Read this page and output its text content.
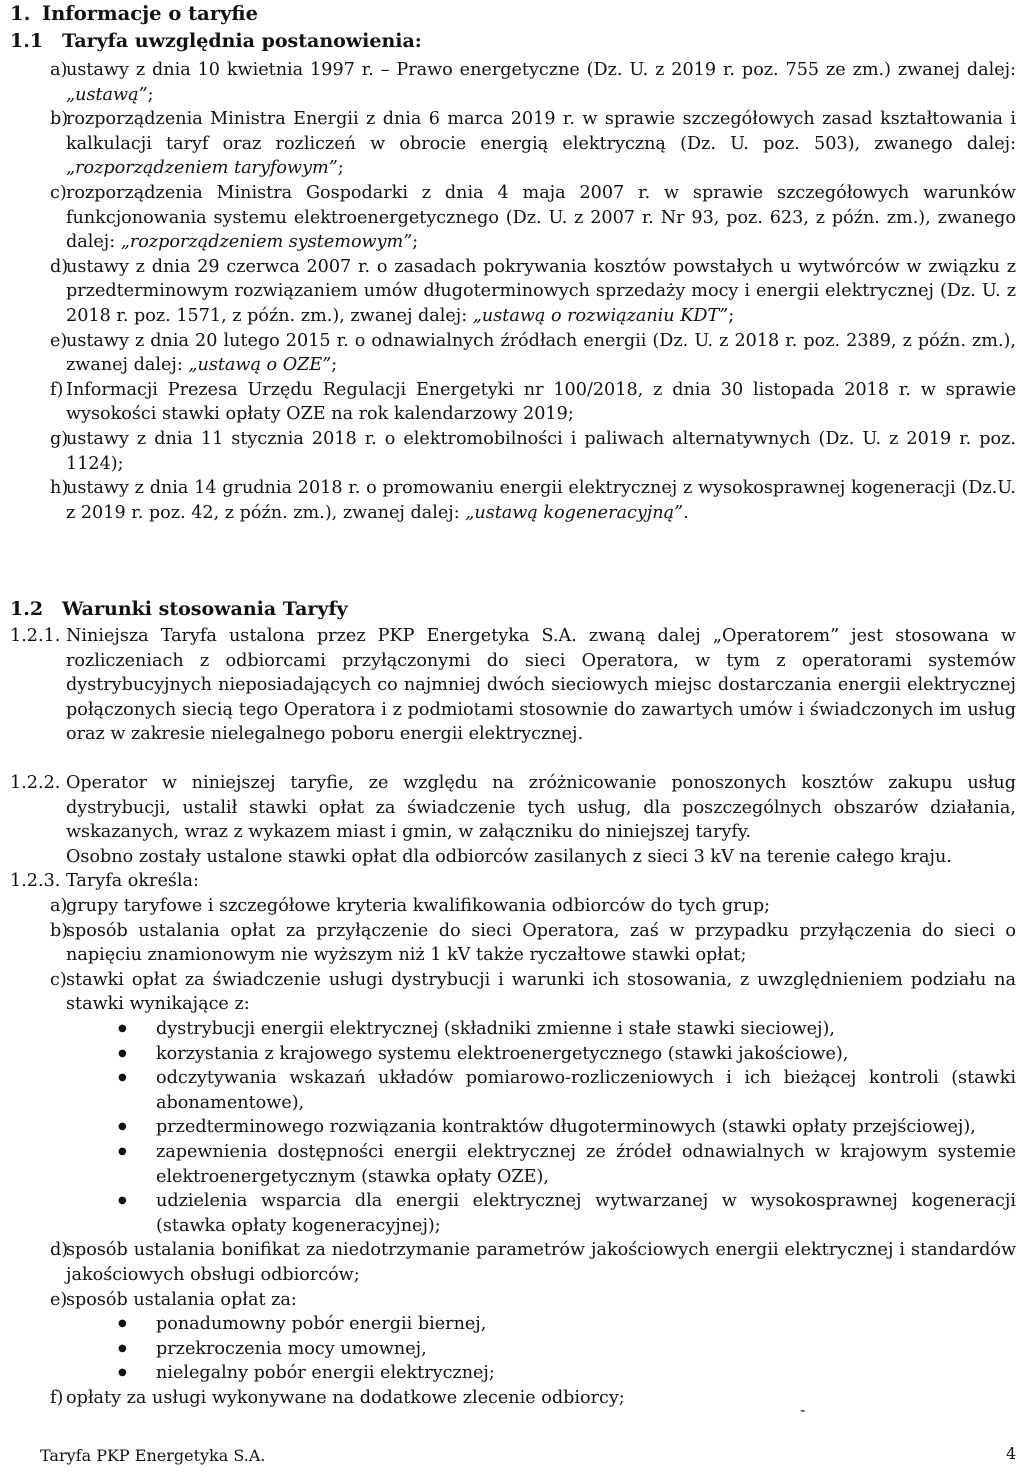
1. Informacje o taryfie
1.1 Taryfa uwzględnia postanowienia:
a)
ustawy z dnia 10 kwietnia 1997 r. – Prawo energetyczne (Dz. U. z 2019 r. poz. 755 ze zm.) zwanej dalej: „ustawą”;
b)
rozporządzenia Ministra Energii z dnia 6 marca 2019 r. w sprawie szczegółowych zasad kształtowania i kalkulacji taryf oraz rozliczeń w obrocie energią elektryczną (Dz. U. poz. 503), zwanego dalej: „rozporządzeniem taryfowym”;
c) rozporządzenia Ministra Gospodarki z dnia 4 maja 2007 r. w sprawie szczegółowych warunków funkcjonowania systemu elektroenergetycznego (Dz. U. z 2007 r. Nr 93, poz. 623, z późn. zm.), zwanego dalej: „rozporządzeniem systemowym”;
d)
ustawy z dnia 29 czerwca 2007 r. o zasadach pokrywania kosztów powstałych u wytwórców w związku z przedterminowym rozwiązaniem umów długoterminowych sprzedaży mocy i energii elektrycznej (Dz. U. z 2018 r. poz. 1571, z późn. zm.), zwanej dalej: „ustawą o rozwiązaniu KDT”;
e)
ustawy z dnia 20 lutego 2015 r. o odnawialnych źródłach energii (Dz. U. z 2018 r. poz. 2389, z późn. zm.), zwanej dalej: „ustawą o OZE”;
f) Informacji Prezesa Urzędu Regulacji Energetyki nr 100/2018, z dnia 30 listopada 2018 r. w sprawie wysokości stawki opłaty OZE na rok kalendarzowy 2019;
g)
ustawy z dnia 11 stycznia 2018 r. o elektromobilności i paliwach alternatywnych (Dz. U. z 2019 r. poz. 1124);
h)
ustawy z dnia 14 grudnia 2018 r. o promowaniu energii elektrycznej z wysokosprawnej kogeneracji (Dz.U. z 2019 r. poz. 42, z późn. zm.), zwanej dalej: „ustawą kogeneracyjną”.
1.2 Warunki stosowania Taryfy
1.2.1. Niniejsza Taryfa ustalona przez PKP Energetyka S.A. zwaną dalej „Operatorem” jest stosowana w rozliczeniach z odbiorcami przyłączonymi do sieci Operatora, w tym z operatorami systemów dystrybucyjnych nieposiadających co najmniej dwóch sieciowych miejsc dostarczania energii elektrycznej połączonych siecią tego Operatora i z podmiotami stosownie do zawartych umów i świadczonych im usług oraz w zakresie nielegalnego poboru energii elektrycznej.
1.2.2. Operator w niniejszej taryfie, ze względu na zróżnicowanie ponoszonych kosztów zakupu usług dystrybucji, ustalił stawki opłat za świadczenie tych usług, dla poszczególnych obszarów działania, wskazanych, wraz z wykazem miast i gmin, w załączniku do niniejszej taryfy.
Osobno zostały ustalone stawki opłat dla odbiorców zasilanych z sieci 3 kV na terenie całego kraju.
1.2.3. Taryfa określa:
a)
grupy taryfowe i szczegółowe kryteria kwalifikowania odbiorców do tych grup;
b)
sposób ustalania opłat za przyłączenie do sieci Operatora, zaś w przypadku przyłączenia do sieci o napięciu znamionowym nie wyższym niż 1 kV także ryczałtowe stawki opłat;
c) stawki opłat za świadczenie usługi dystrybucji i warunki ich stosowania, z uwzględnieniem podziału na stawki wynikające z:
● dystrybucji energii elektrycznej (składniki zmienne i stałe stawki sieciowej),
● korzystania z krajowego systemu elektroenergetycznego (stawki jakościowe),
● odczytywania wskazań układów pomiarowo-rozliczeniowych i ich bieżącej kontroli (stawki abonamentowe),
● przedterminowego rozwiązania kontraktów długoterminowych (stawki opłaty przejściowej),
● zapewnienia dostępności energii elektrycznej ze źródeł odnawialnych w krajowym systemie elektroenergetycznym (stawka opłaty OZE),
● udzielenia wsparcia dla energii elektrycznej wytwarzanej w wysokosprawnej kogeneracji (stawka opłaty kogeneracyjnej);
d)
sposób ustalania bonifikat za niedotrzymanie parametrów jakościowych energii elektrycznej i standardów jakościowych obsługi odbiorców;
e)
sposób ustalania opłat za:
● ponadumowny pobór energii biernej,
● przekroczenia mocy umownej,
● nielegalny pobór energii elektrycznej;
f) opłaty za usługi wykonywane na dodatkowe zlecenie odbiorcy;
-
Taryfa PKP Energetyka S.A.	4
